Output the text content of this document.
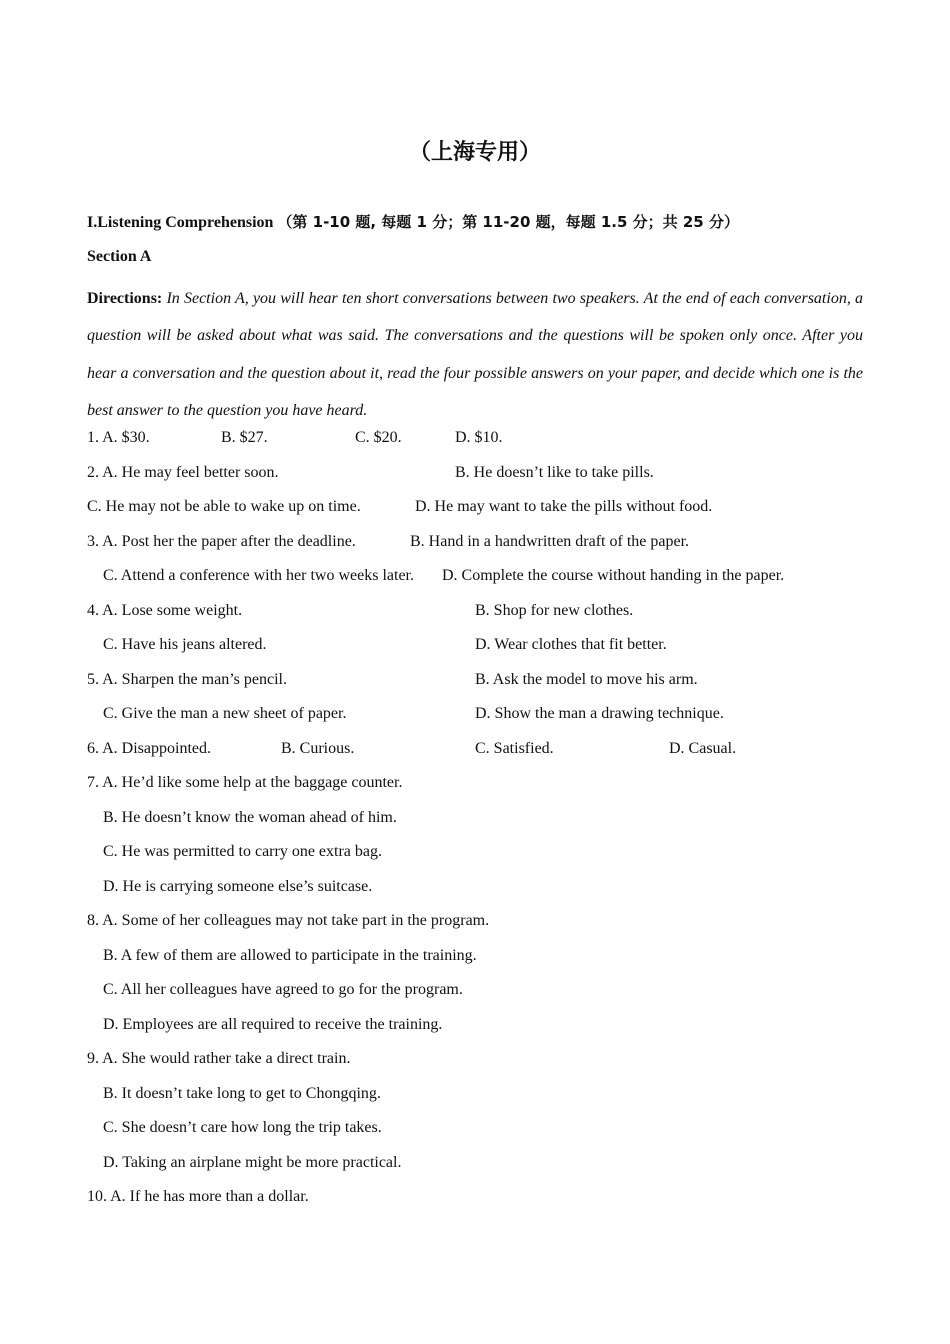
（上海专用）
I.Listening Comprehension （第 1-10 题, 每题 1 分；第 11-20 题，每题 1.5 分；共 25 分）
Section A
Directions: In Section A, you will hear ten short conversations between two speakers. At the end of each conversation, a question will be asked about what was said. The conversations and the questions will be spoken only once. After you hear a conversation and the question about it, read the four possible answers on your paper, and decide which one is the best answer to the question you have heard.
1. A. $30.	B. $27.	C. $20.	D. $10.
2. A. He may feel better soon.	B. He doesn’t like to take pills.
C. He may not be able to wake up on time.	D. He may want to take the pills without food.
3. A. Post her the paper after the deadline.	B. Hand in a handwritten draft of the paper.
C. Attend a conference with her two weeks later. D. Complete the course without handing in the paper.
4. A. Lose some weight.	B. Shop for new clothes.
C. Have his jeans altered.	D. Wear clothes that fit better.
5. A. Sharpen the man’s pencil.	B. Ask the model to move his arm.
C. Give the man a new sheet of paper.	D. Show the man a drawing technique.
6. A. Disappointed.	B. Curious.	C. Satisfied.	D. Casual.
7. A. He’d like some help at the baggage counter.
B. He doesn’t know the woman ahead of him.
C. He was permitted to carry one extra bag.
D. He is carrying someone else’s suitcase.
8. A. Some of her colleagues may not take part in the program.
B. A few of them are allowed to participate in the training.
C. All her colleagues have agreed to go for the program.
D. Employees are all required to receive the training.
9. A. She would rather take a direct train.
B. It doesn’t take long to get to Chongqing.
C. She doesn’t care how long the trip takes.
D. Taking an airplane might be more practical.
10. A. If he has more than a dollar.
